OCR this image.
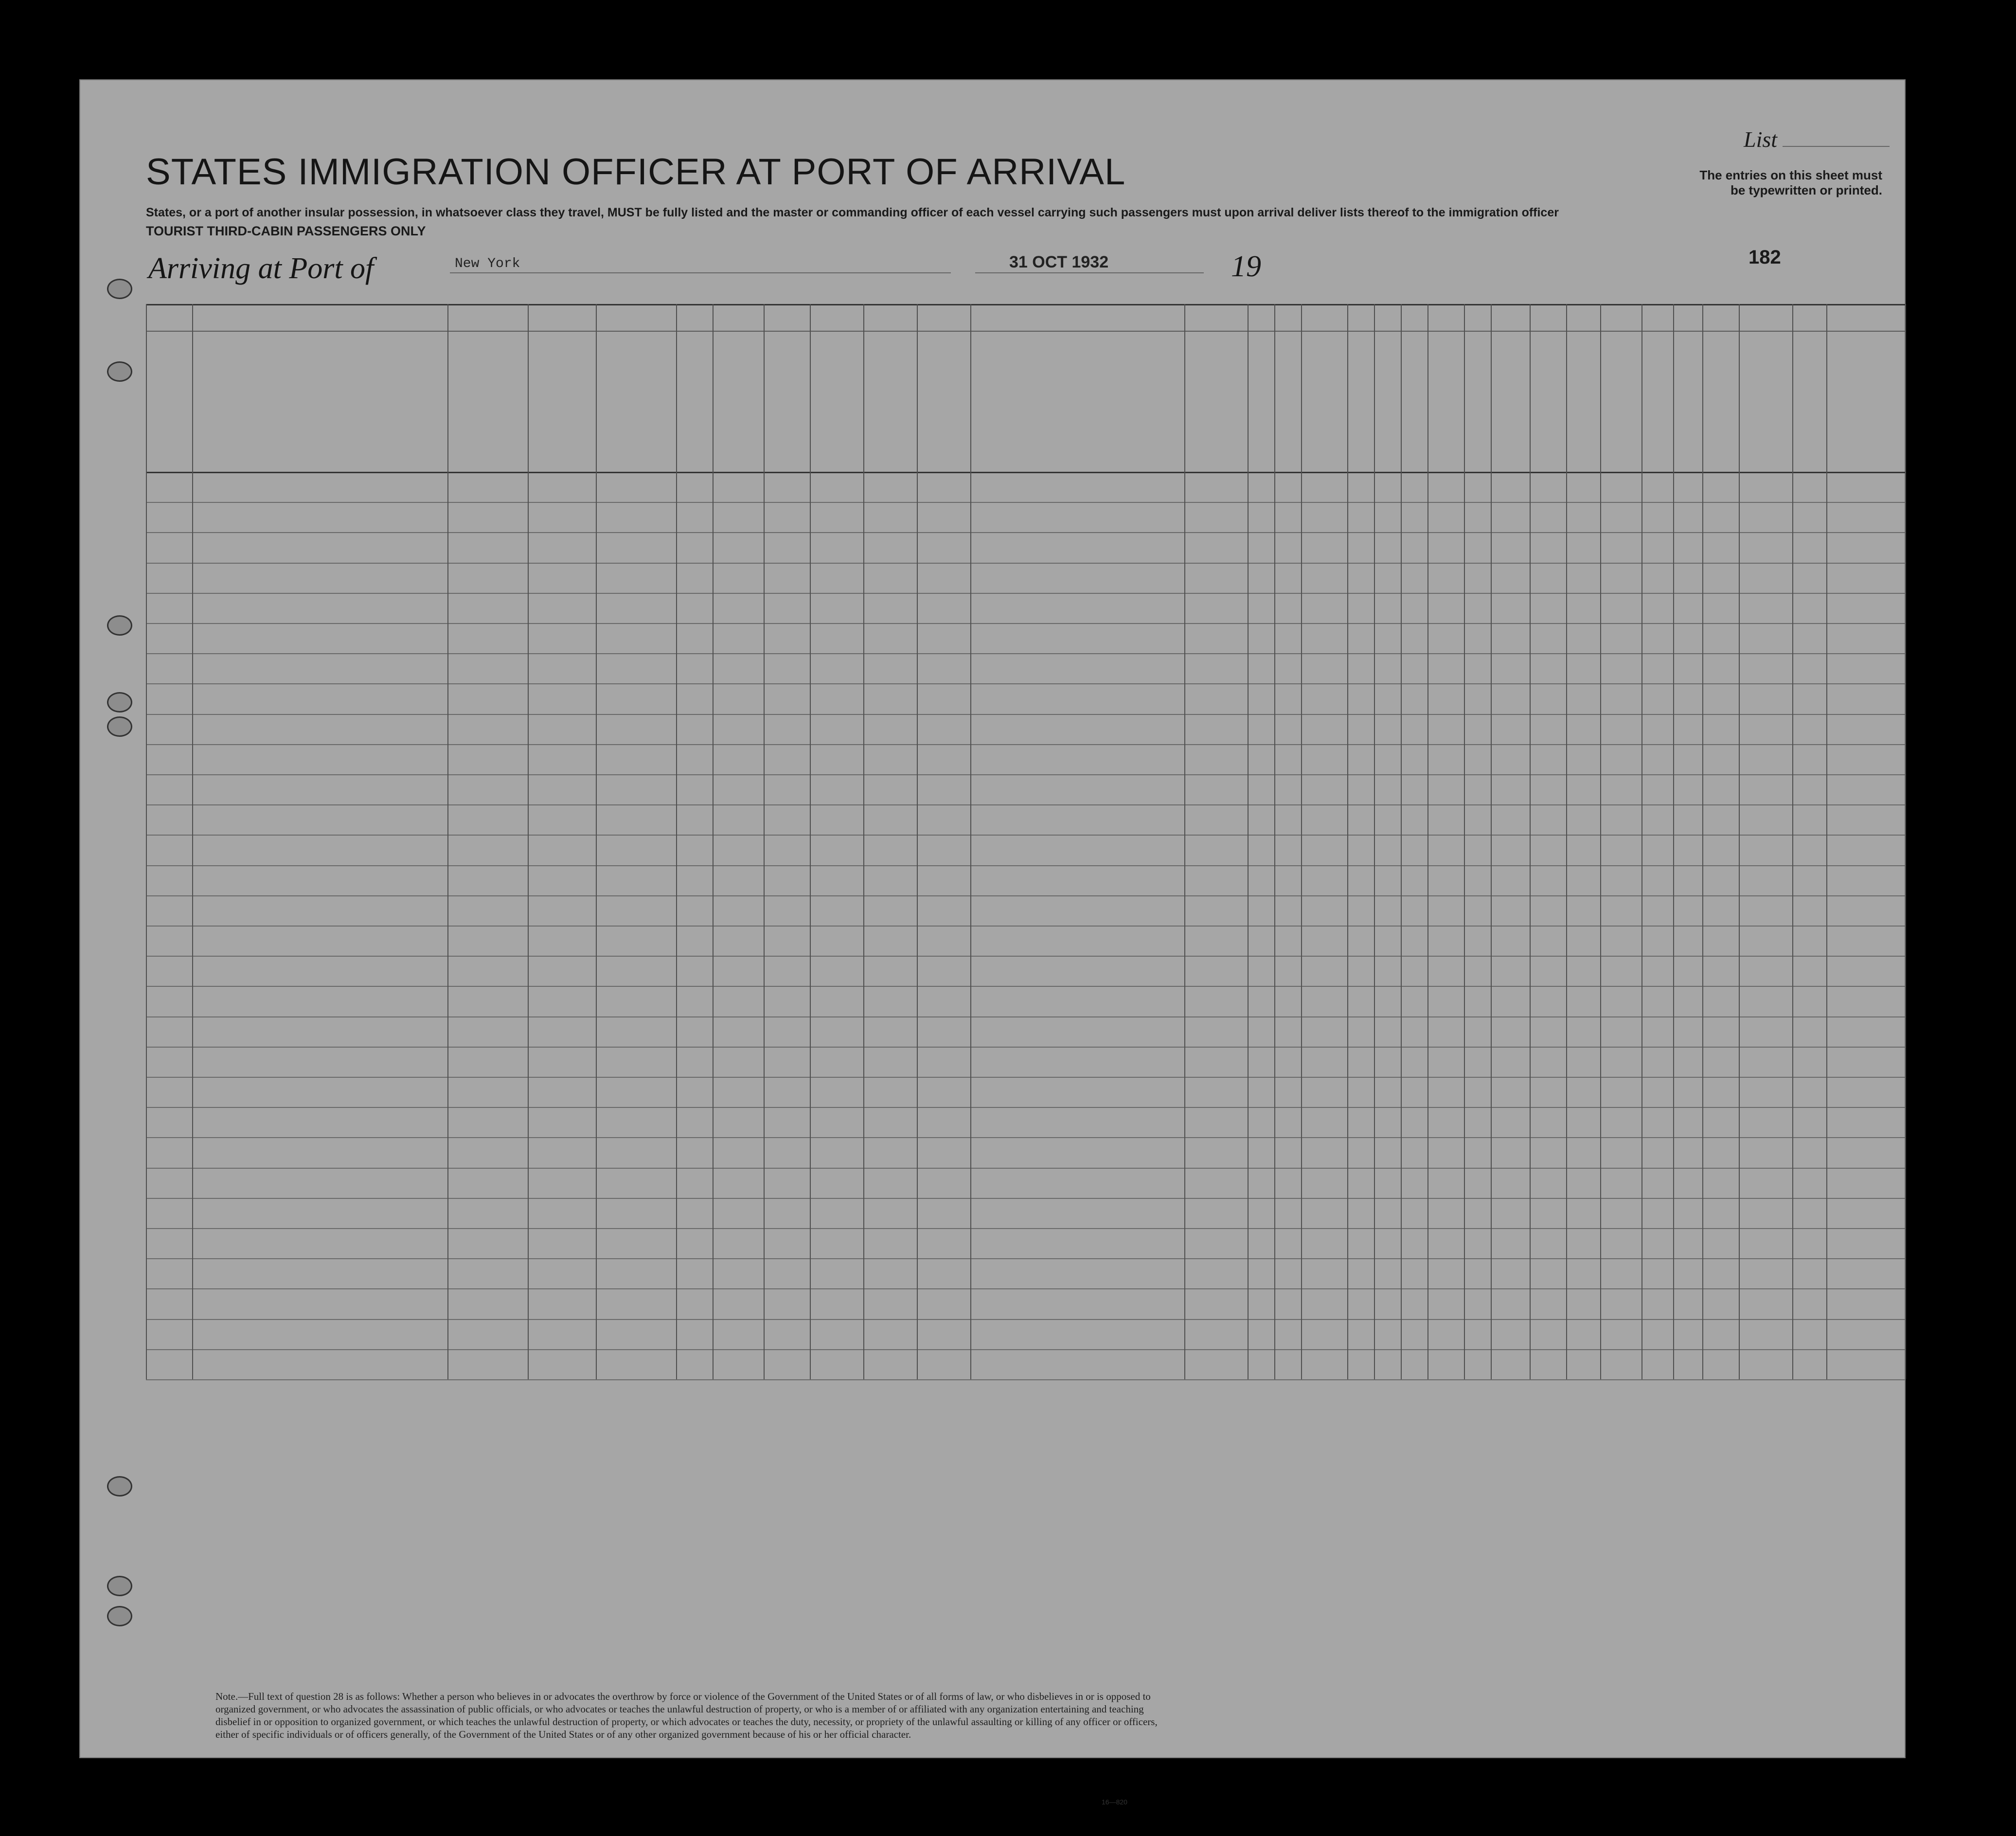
STATES IMMIGRATION OFFICER AT PORT OF ARRIVAL
States, or a port of another insular possession, in whatsoever class they travel, MUST be fully listed and the master or commanding officer of each vessel carrying such passengers must upon arrival deliver lists thereof to the immigration officer
TOURIST THIRD-CABIN PASSENGERS ONLY
Arriving at Port of	New York	31 OCT 1932	19
List
The entries on this sheet must be typewritten or printed.
182
Note.—Full text of question 28 is as follows: Whether a person who believes in or advocates the overthrow by force or violence of the Government of the United States or of all forms of law, or who disbelieves in or is opposed to organized government, or who advocates the assassination of public officials, or who advocates or teaches the unlawful destruction of property, or who is a member of or affiliated with any organization entertaining and teaching disbelief in or opposition to organized government, or which teaches the unlawful destruction of property, or which advocates or teaches the duty, necessity, or propriety of the unlawful assaulting or killing of any officer or officers, either of specific individuals or of officers generally, of the Government of the United States or of any other organized government because of his or her official character.
16—820
